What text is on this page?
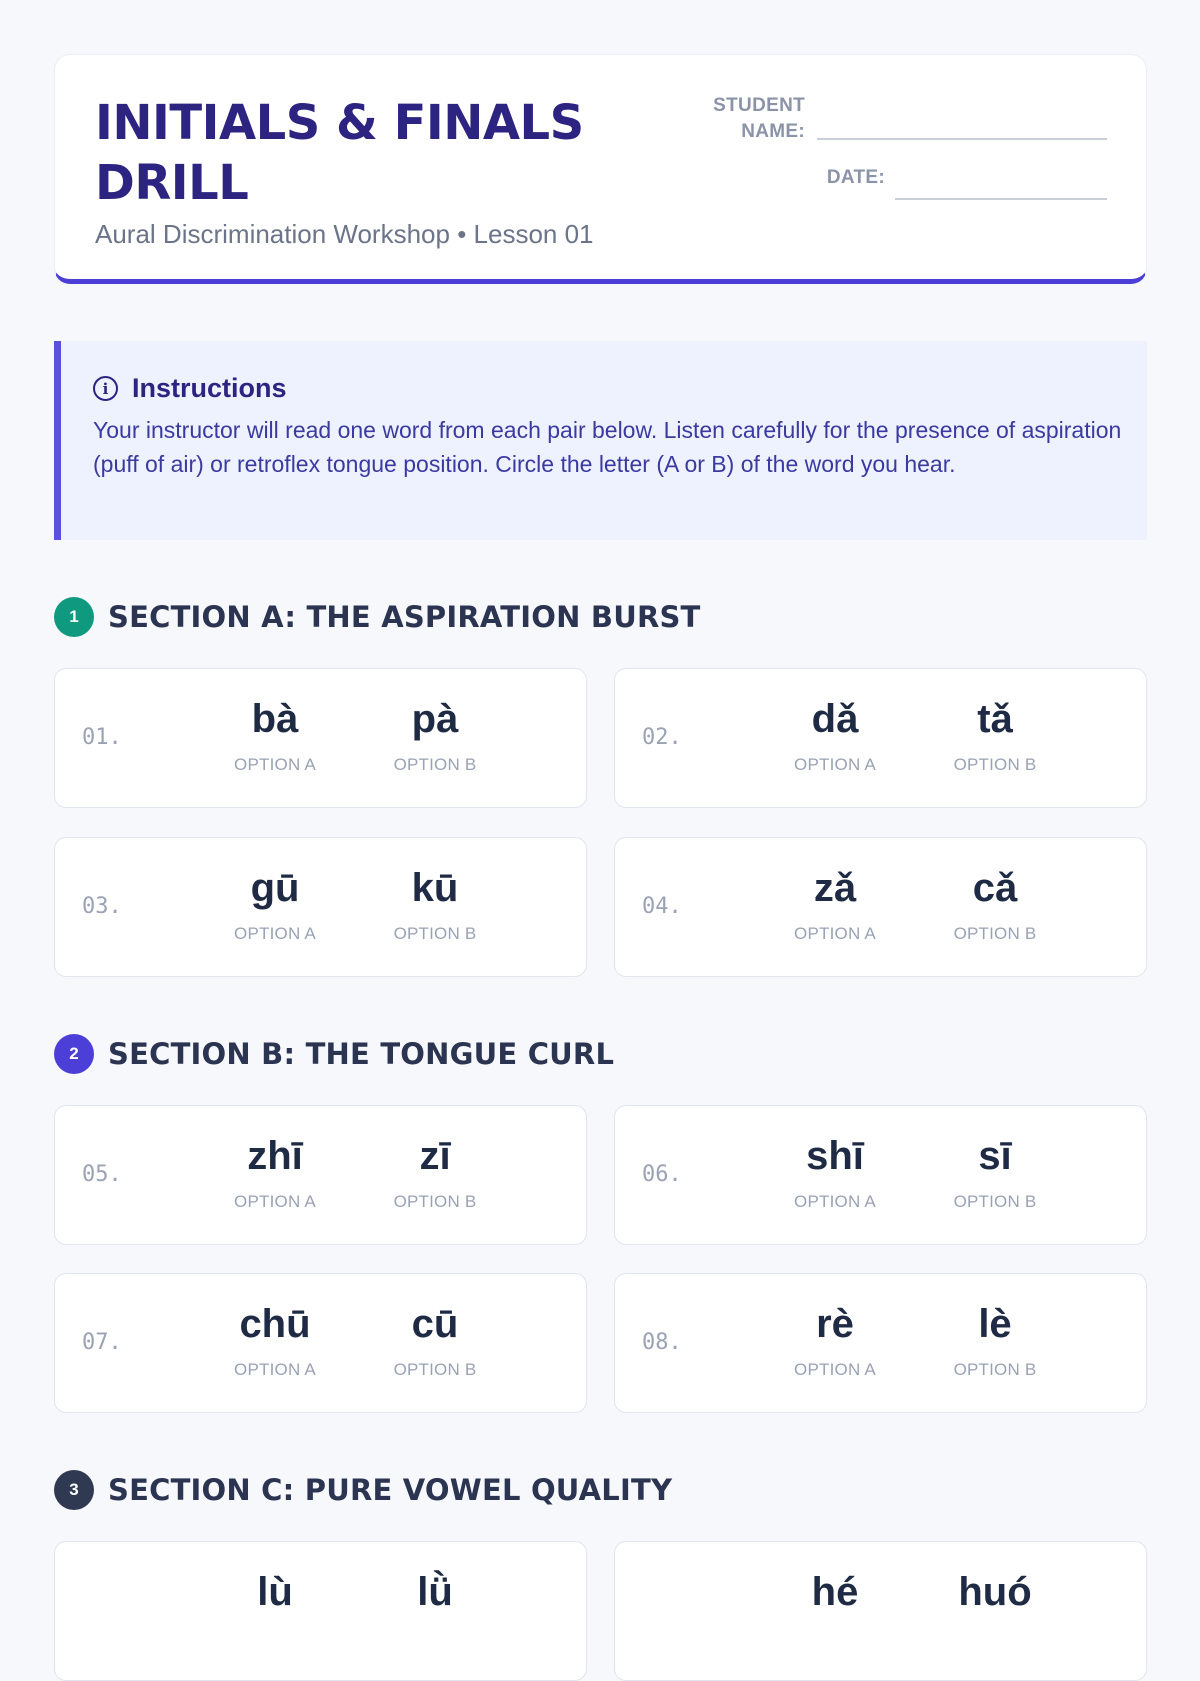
INITIALS & FINALS DRILL
Aural Discrimination Workshop • Lesson 01
STUDENT NAME:
DATE:
i Instructions
Your instructor will read one word from each pair below. Listen carefully for the presence of aspiration (puff of air) or retroflex tongue position. Circle the letter (A or B) of the word you hear.
1	SECTION A: THE ASPIRATION BURST
01.	bà
OPTION A
pà
OPTION B
02.	dǎ
OPTION A
tǎ
OPTION B
03.	gū
OPTION A
kū
OPTION B
04.	zǎ
OPTION A
cǎ
OPTION B
2	SECTION B: THE TONGUE CURL
05.	zhī
OPTION A
zī
OPTION B
06.	shī
OPTION A
sī
OPTION B
07.	chū
OPTION A
cū
OPTION B
08.	rè
OPTION A
lè
OPTION B
3	SECTION C: PURE VOWEL QUALITY
lù	lǜ	hé	huó
